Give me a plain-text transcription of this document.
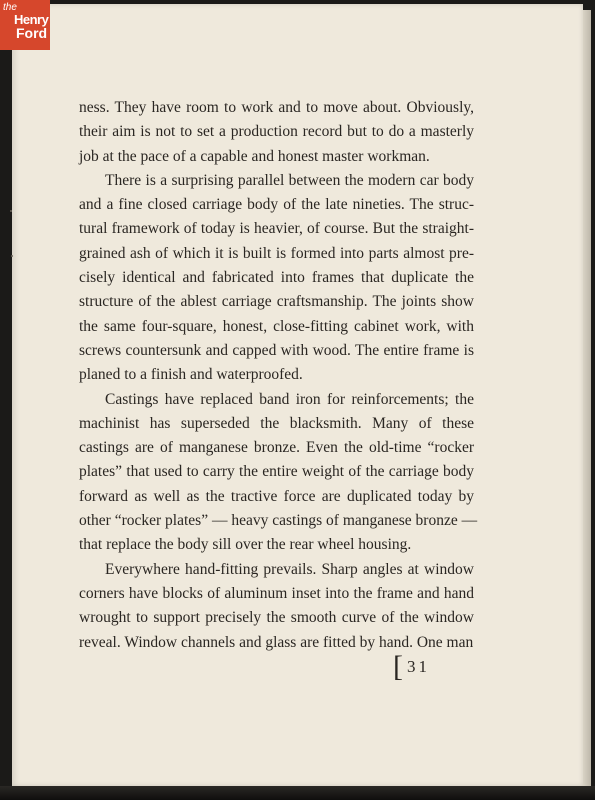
the
Henry
Ford
ness. They have room to work and to move about. Obviously,
their aim is not to set a production record but to do a masterly
job at the pace of a capable and honest master workman.
There is a surprising parallel between the modern car body
and a fine closed carriage body of the late nineties. The struc-
tural framework of today is heavier, of course. But the straight-
grained ash of which it is built is formed into parts almost pre-
cisely identical and fabricated into frames that duplicate the
structure of the ablest carriage craftsmanship. The joints show
the same four-square, honest, close-fitting cabinet work, with
screws countersunk and capped with wood. The entire frame is
planed to a finish and waterproofed.
Castings have replaced band iron for reinforcements; the
machinist has superseded the blacksmith. Many of these
castings are of manganese bronze. Even the old-time “rocker
plates” that used to carry the entire weight of the carriage body
forward as well as the tractive force are duplicated today by
other “rocker plates” — heavy castings of manganese bronze —
that replace the body sill over the rear wheel housing.
Everywhere hand-fitting prevails. Sharp angles at window
corners have blocks of aluminum inset into the frame and hand
wrought to support precisely the smooth curve of the window
reveal. Window channels and glass are fitted by hand. One man
[ 31
